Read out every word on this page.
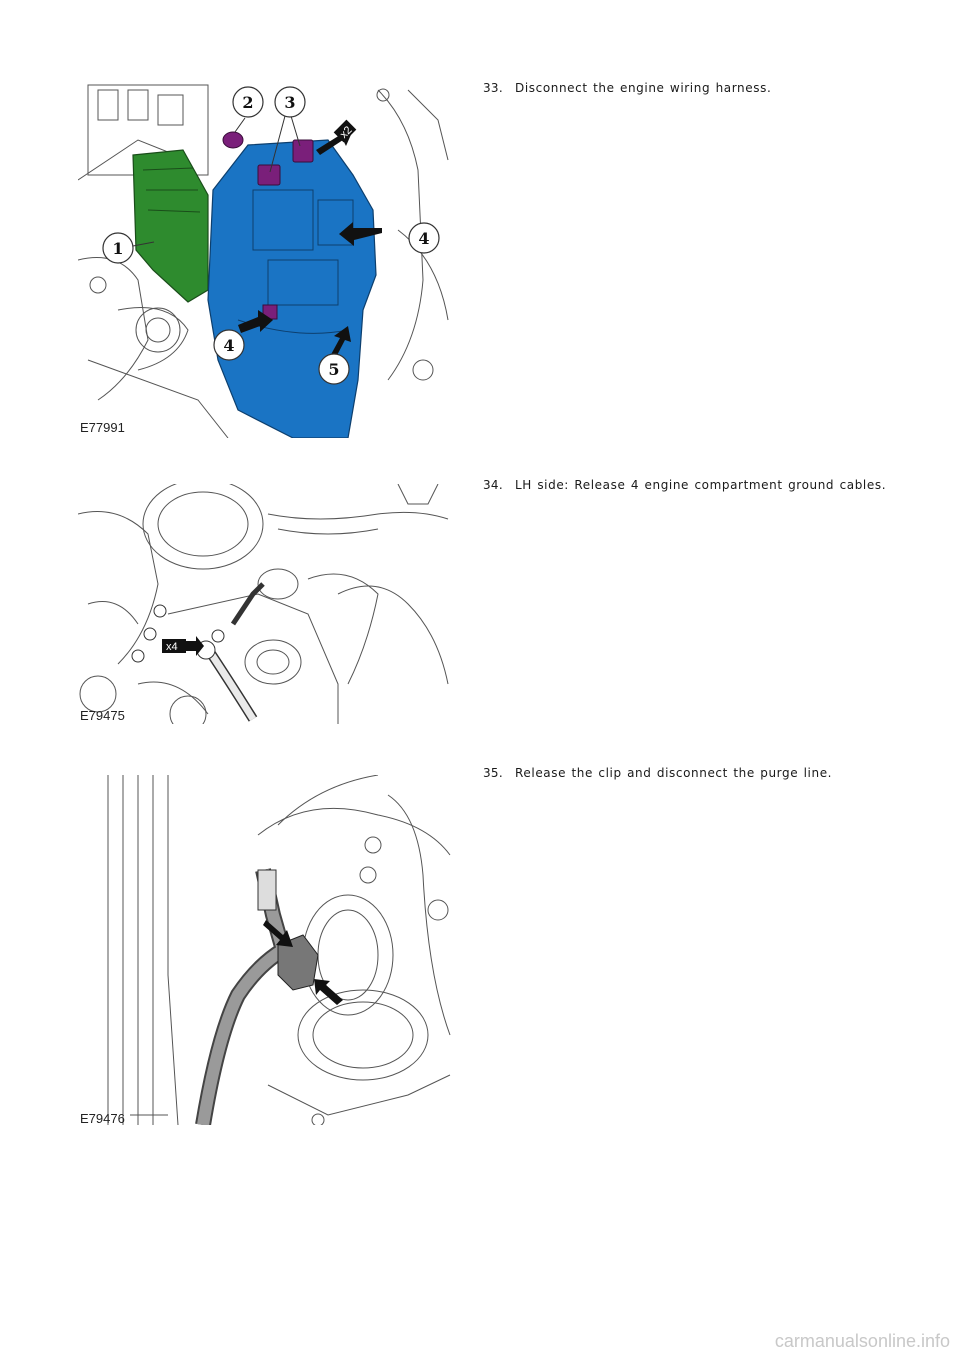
x2
1
2 3
4
4
5
E77991
33. Disconnect the engine wiring harness.
x4
E79475
34. LH side: Release 4 engine compartment ground cables.
E79476
35. Release the clip and disconnect the purge line.
carmanualsonline.info
